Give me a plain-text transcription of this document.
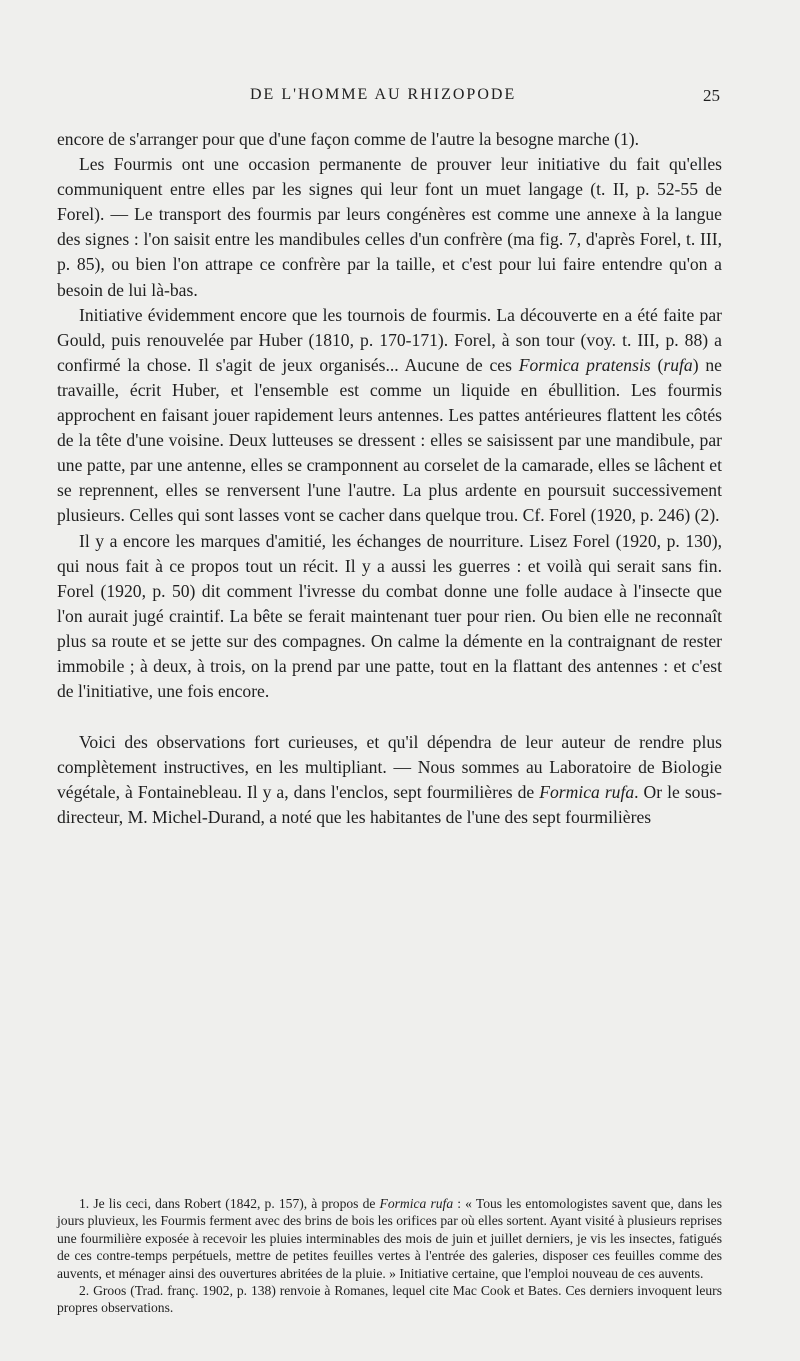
DE L'HOMME AU RHIZOPODE	25

encore de s'arranger pour que d'une façon comme de l'autre la besogne marche (1).

Les Fourmis ont une occasion permanente de prouver leur initiative du fait qu'elles communiquent entre elles par les signes qui leur font un muet langage (t. II, p. 52-55 de Forel). — Le transport des fourmis par leurs congénères est comme une annexe à la langue des signes : l'on saisit entre les mandibules celles d'un confrère (ma fig. 7, d'après Forel, t. III, p. 85), ou bien l'on attrape ce confrère par la taille, et c'est pour lui faire entendre qu'on a besoin de lui là-bas.

Initiative évidemment encore que les tournois de fourmis. La découverte en a été faite par Gould, puis renouvelée par Huber (1810, p. 170-171). Forel, à son tour (voy. t. III, p. 88) a confirmé la chose. Il s'agit de jeux organisés... Aucune de ces Formica pratensis (rufa) ne travaille, écrit Huber, et l'ensemble est comme un liquide en ébullition. Les fourmis approchent en faisant jouer rapidement leurs antennes. Les pattes antérieures flattent les côtés de la tête d'une voisine. Deux lutteuses se dressent : elles se saisissent par une mandibule, par une patte, par une antenne, elles se cramponnent au corselet de la camarade, elles se lâchent et se reprennent, elles se renversent l'une l'autre. La plus ardente en poursuit successivement plusieurs. Celles qui sont lasses vont se cacher dans quelque trou. Cf. Forel (1920, p. 246) (2).

Il y a encore les marques d'amitié, les échanges de nourriture. Lisez Forel (1920, p. 130), qui nous fait à ce propos tout un récit. Il y a aussi les guerres : et voilà qui serait sans fin. Forel (1920, p. 50) dit comment l'ivresse du combat donne une folle audace à l'insecte que l'on aurait jugé craintif. La bête se ferait maintenant tuer pour rien. Ou bien elle ne reconnaît plus sa route et se jette sur des compagnes. On calme la démente en la contraignant de rester immobile ; à deux, à trois, on la prend par une patte, tout en la flattant des antennes : et c'est de l'initiative, une fois encore.

Voici des observations fort curieuses, et qu'il dépendra de leur auteur de rendre plus complètement instructives, en les multipliant. — Nous sommes au Laboratoire de Biologie végétale, à Fontainebleau. Il y a, dans l'enclos, sept fourmilières de Formica rufa. Or le sous-directeur, M. Michel-Durand, a noté que les habitantes de l'une des sept fourmilières

1. Je lis ceci, dans Robert (1842, p. 157), à propos de Formica rufa : « Tous les entomologistes savent que, dans les jours pluvieux, les Fourmis ferment avec des brins de bois les orifices par où elles sortent. Ayant visité à plusieurs reprises une fourmilière exposée à recevoir les pluies interminables des mois de juin et juillet derniers, je vis les insectes, fatigués de ces contre-temps perpétuels, mettre de petites feuilles vertes à l'entrée des galeries, disposer ces feuilles comme des auvents, et ménager ainsi des ouvertures abritées de la pluie. » Initiative certaine, que l'emploi nouveau de ces auvents.

2. Groos (Trad. franç. 1902, p. 138) renvoie à Romanes, lequel cite Mac Cook et Bates. Ces derniers invoquent leurs propres observations.
